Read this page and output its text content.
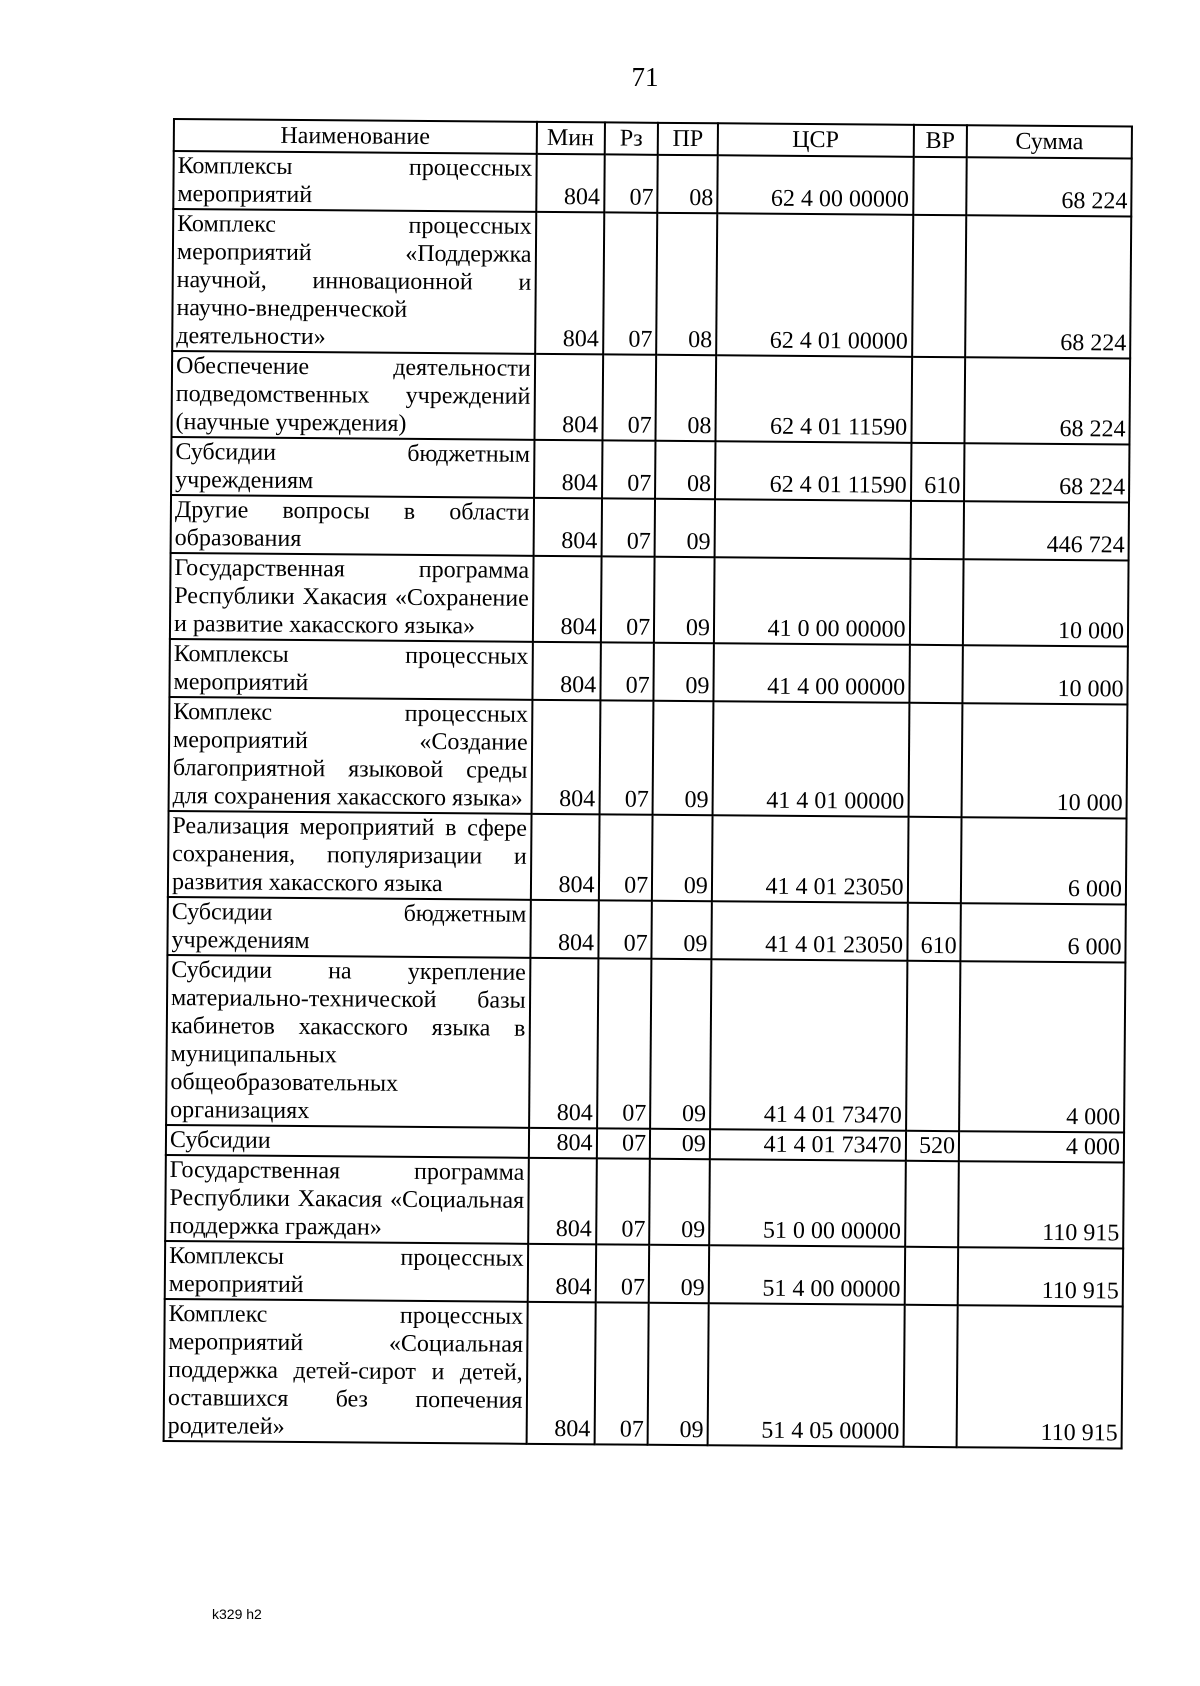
71
Наименование	Мин	Рз	ПР	ЦСР	ВР	Сумма
Комплексы процессных мероприятий	804	07	08	62 4 00 00000		68 224
Комплекс процессных мероприятий «Поддержка научной, инновационной и научно-внедренческой деятельности»	804	07	08	62 4 01 00000		68 224
Обеспечение деятельности подведомственных учреждений (научные учреждения)	804	07	08	62 4 01 11590		68 224
Субсидии бюджетным учреждениям	804	07	08	62 4 01 11590	610	68 224
Другие вопросы в области образования	804	07	09			446 724
Государственная программа Республики Хакасия «Сохранение и развитие хакасского языка»	804	07	09	41 0 00 00000		10 000
Комплексы процессных мероприятий	804	07	09	41 4 00 00000		10 000
Комплекс процессных мероприятий «Создание благоприятной языковой среды для сохранения хакасского языка»	804	07	09	41 4 01 00000		10 000
Реализация мероприятий в сфере сохранения, популяризации и развития хакасского языка	804	07	09	41 4 01 23050		6 000
Субсидии бюджетным учреждениям	804	07	09	41 4 01 23050	610	6 000
Субсидии на укрепление материально-технической базы кабинетов хакасского языка в муниципальных общеобразовательных организациях	804	07	09	41 4 01 73470		4 000
Субсидии	804	07	09	41 4 01 73470	520	4 000
Государственная программа Республики Хакасия «Социальная поддержка граждан»	804	07	09	51 0 00 00000		110 915
Комплексы процессных мероприятий	804	07	09	51 4 00 00000		110 915
Комплекс процессных мероприятий «Социальная поддержка детей-сирот и детей, оставшихся без попечения родителей»	804	07	09	51 4 05 00000		110 915
k329 h2
